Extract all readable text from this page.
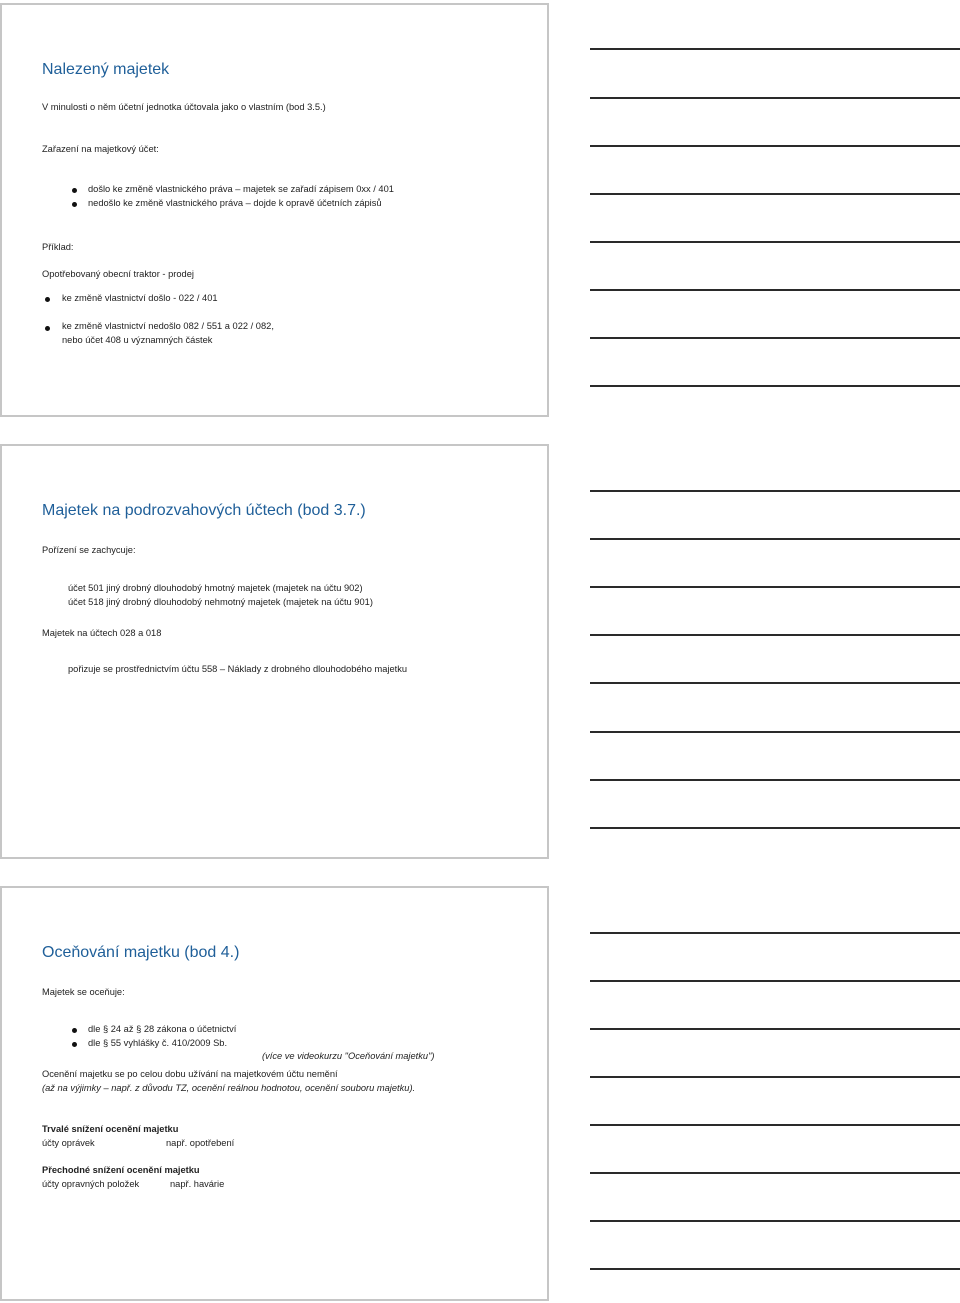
Nalezený majetek
V minulosti o něm účetní jednotka účtovala jako o vlastním (bod 3.5.)
Zařazení na majetkový účet:
došlo ke změně vlastnického práva – majetek se zařadí zápisem 0xx / 401
nedošlo ke změně vlastnického práva – dojde k opravě účetních zápisů
Příklad:
Opotřebovaný obecní traktor - prodej
ke změně vlastnictví došlo - 022 / 401
ke změně vlastnictví nedošlo 082 / 551 a 022 / 082,
nebo účet 408 u významných částek
Majetek na podrozvahových účtech (bod 3.7.)
Pořízení se zachycuje:
účet 501 jiný drobný dlouhodobý hmotný majetek (majetek na účtu 902)
účet 518 jiný drobný dlouhodobý nehmotný majetek (majetek na účtu 901)
Majetek na účtech 028 a 018
pořizuje se prostřednictvím účtu 558 – Náklady z drobného dlouhodobého majetku
Oceňování majetku (bod 4.)
Majetek se oceňuje:
dle § 24 až § 28 zákona o účetnictví
dle § 55 vyhlášky č. 410/2009 Sb.
(více ve videokurzu "Oceňování majetku")
Ocenění majetku se po celou dobu užívání na majetkovém účtu nemění
(až na výjimky – např. z důvodu TZ, ocenění reálnou hodnotou, ocenění souboru majetku).
Trvalé snížení ocenění majetku
účty oprávek	např. opotřebení
Přechodné snížení ocenění majetku
účty opravných položek	např. havárie
